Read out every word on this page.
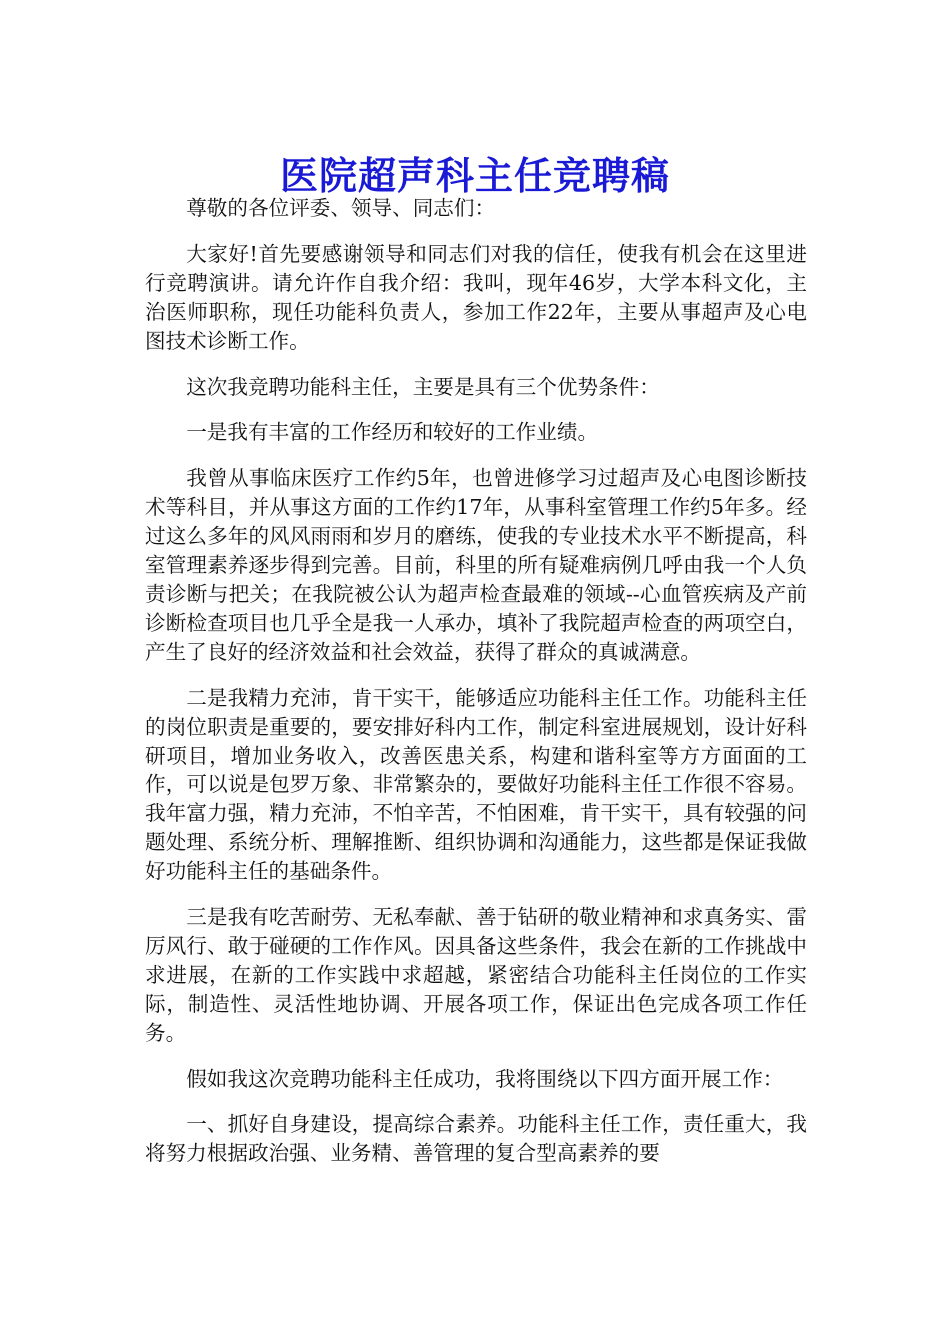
医院超声科主任竞聘稿

尊敬的各位评委、领导、同志们：

大家好!首先要感谢领导和同志们对我的信任，使我有机会在这里进行竞聘演讲。请允许作自我介绍：我叫，现年46岁，大学本科文化，主治医师职称，现任功能科负责人，参加工作22年，主要从事超声及心电图技术诊断工作。

这次我竞聘功能科主任，主要是具有三个优势条件：

一是我有丰富的工作经历和较好的工作业绩。

我曾从事临床医疗工作约5年，也曾进修学习过超声及心电图诊断技术等科目，并从事这方面的工作约17年，从事科室管理工作约5年多。经过这么多年的风风雨雨和岁月的磨练，使我的专业技术水平不断提高，科室管理素养逐步得到完善。目前，科里的所有疑难病例几呼由我一个人负责诊断与把关；在我院被公认为超声检查最难的领域--心血管疾病及产前诊断检查项目也几乎全是我一人承办，填补了我院超声检查的两项空白，产生了良好的经济效益和社会效益，获得了群众的真诚满意。

二是我精力充沛，肯干实干，能够适应功能科主任工作。功能科主任的岗位职责是重要的，要安排好科内工作，制定科室进展规划，设计好科研项目，增加业务收入，改善医患关系，构建和谐科室等方方面面的工作，可以说是包罗万象、非常繁杂的，要做好功能科主任工作很不容易。我年富力强，精力充沛，不怕辛苦，不怕困难，肯干实干，具有较强的问题处理、系统分析、理解推断、组织协调和沟通能力，这些都是保证我做好功能科主任的基础条件。

三是我有吃苦耐劳、无私奉献、善于钻研的敬业精神和求真务实、雷厉风行、敢于碰硬的工作作风。因具备这些条件，我会在新的工作挑战中求进展，在新的工作实践中求超越，紧密结合功能科主任岗位的工作实际，制造性、灵活性地协调、开展各项工作，保证出色完成各项工作任务。

假如我这次竞聘功能科主任成功，我将围绕以下四方面开展工作：

一、抓好自身建设，提高综合素养。功能科主任工作，责任重大，我将努力根据政治强、业务精、善管理的复合型高素养的要
